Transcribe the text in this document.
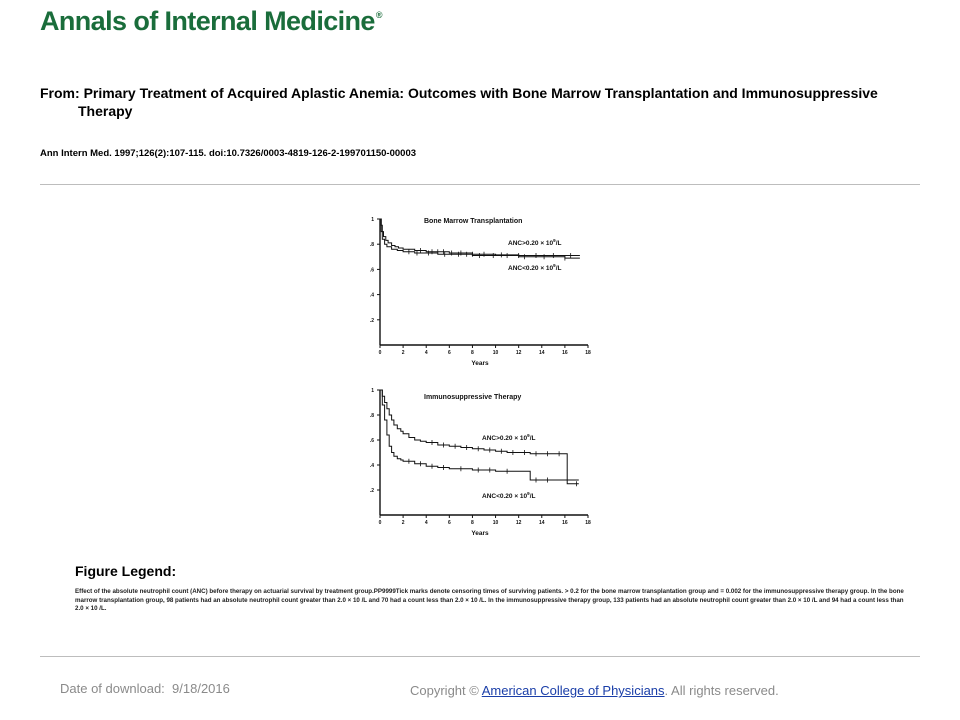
Annals of Internal Medicine®
From: Primary Treatment of Acquired Aplastic Anemia: Outcomes with Bone Marrow Transplantation and Immunosuppressive Therapy
Ann Intern Med. 1997;126(2):107-115. doi:10.7326/0003-4819-126-2-199701150-00003
.2
.4
.6
.8
1
0	2	4	6	8	10	12	14	16	18
Years
Bone Marrow Transplantation
$ANC>0.20 \times 10^9/L$
$ANC<0.20 \times 10^9/L$
.2
.4
.6
.8
1
0	2	4	6	8	10	12	14	16	18
Years
Immunosuppressive Therapy
$ANC>0.20 \times 10^9/L$
$ANC<0.20 \times 10^9/L$
Figure Legend:
Effect of the absolute neutrophil count (ANC) before therapy on actuarial survival by treatment group.PP9999Tick marks denote censoring times of surviving patients. > 0.2 for the bone marrow transplantation group and = 0.002 for the immunosuppressive therapy group. In the bone marrow transplantation group, 98 patients had an absolute neutrophil count greater than 2.0 × 10 /L and 70 had a count less than 2.0 × 10 /L. In the immunosuppressive therapy group, 133 patients had an absolute neutrophil count greater than 2.0 × 10 /L and 94 had a count less than 2.0 × 10 /L.
Date of download: 9/18/2016	Copyright © American College of Physicians. All rights reserved.
